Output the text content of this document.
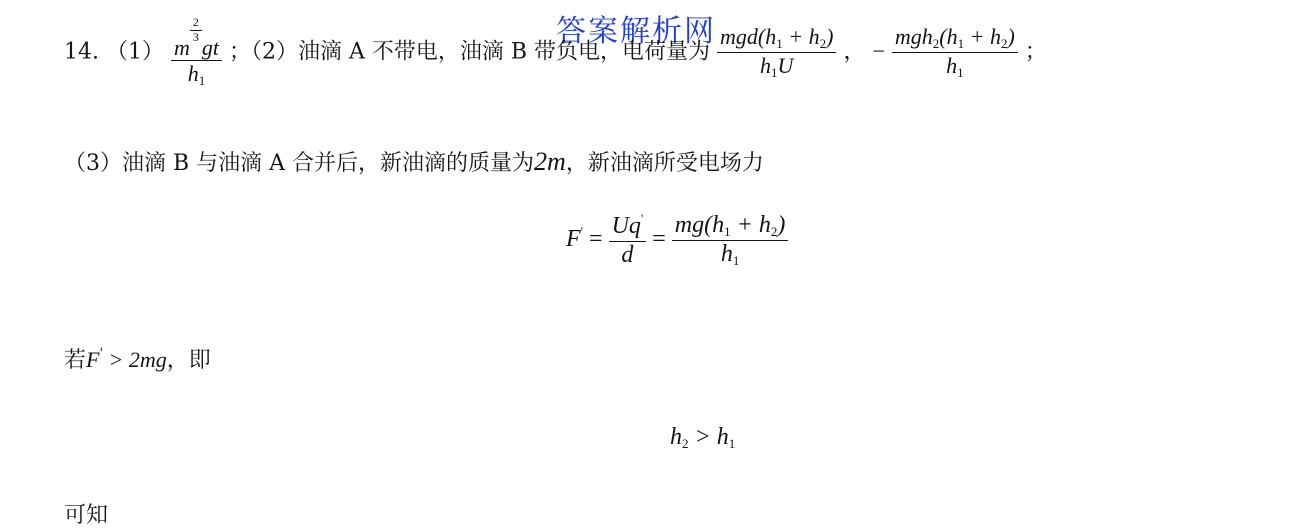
答案解析网
14. （1） m
$\frac{2}{3}$
gt
$h_1$ ；（2）油滴 A 不带电，油滴 B 带负电，电荷量为 $\frac{mgd(h_1 + h_2)}{h_1U}$ ， − $\frac{mgh_2(h_1 + h_2)}{h_1}$ ；
（3）油滴 B 与油滴 A 合并后，新油滴的质量为2m，新油滴所受电场力
$F' = \frac{Uq'}{d} = \frac{mg(h_1 + h_2)}{h_1}$
若F' > 2mg，即
$h_2 > h_1$
可知
